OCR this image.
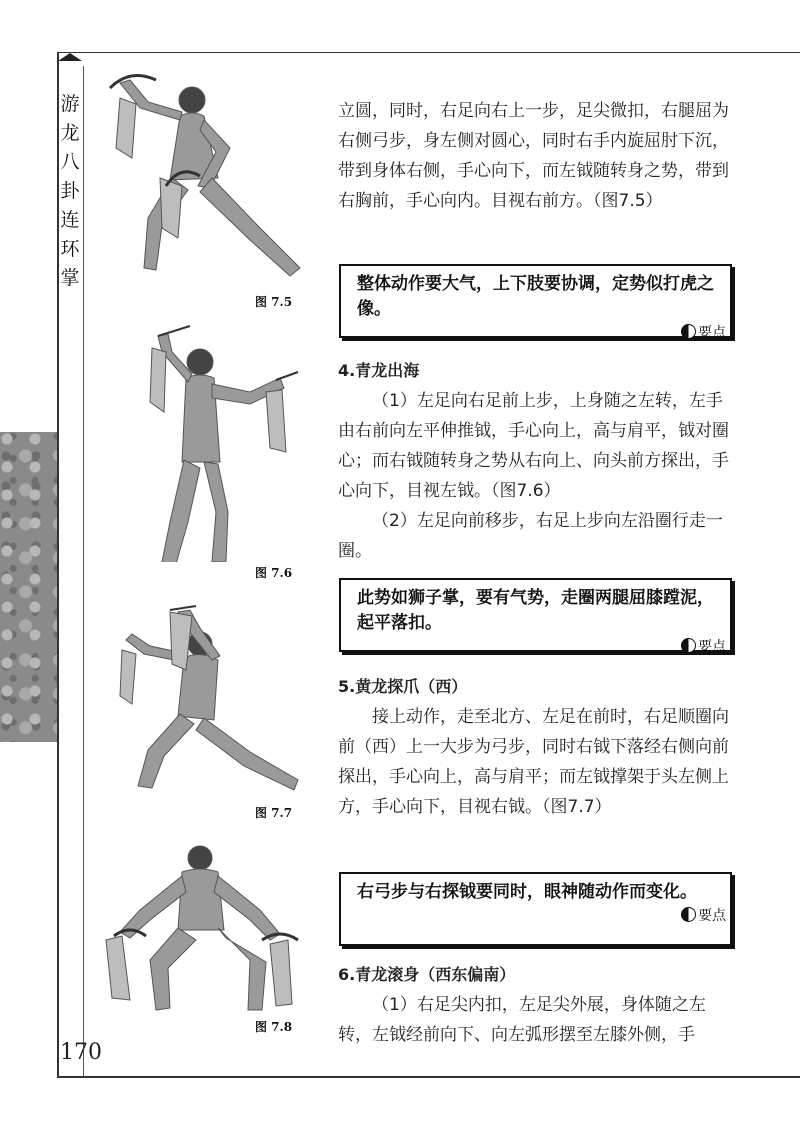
游
龙
八
卦
连
环
掌
170
图 7.5
图 7.6
图 7.7
图 7.8

立圆，同时，右足向右上一步，足尖微扣，右腿屈为右侧弓步，身左侧对圆心，同时右手内旋屈肘下沉，带到身体右侧，手心向下，而左钺随转身之势，带到右胸前，手心向内。目视右前方。（图7.5）

整体动作要大气，上下肢要协调，定势似打虎之像。
要点

4.青龙出海

（1）左足向右足前上步，上身随之左转，左手由右前向左平伸推钺，手心向上，高与肩平，钺对圈心；而右钺随转身之势从右向上、向头前方探出，手心向下，目视左钺。（图7.6）

（2）左足向前移步，右足上步向左沿圈行走一圈。

此势如狮子掌，要有气势，走圈两腿屈膝蹚泥，起平落扣。
要点

5.黄龙探爪（西）

接上动作，走至北方、左足在前时，右足顺圈向前（西）上一大步为弓步，同时右钺下落经右侧向前探出，手心向上，高与肩平；而左钺撑架于头左侧上方，手心向下，目视右钺。（图7.7）

右弓步与右探钺要同时，眼神随动作而变化。
要点

6.青龙滚身（西东偏南）

（1）右足尖内扣，左足尖外展，身体随之左转，左钺经前向下、向左弧形摆至左膝外侧，手
